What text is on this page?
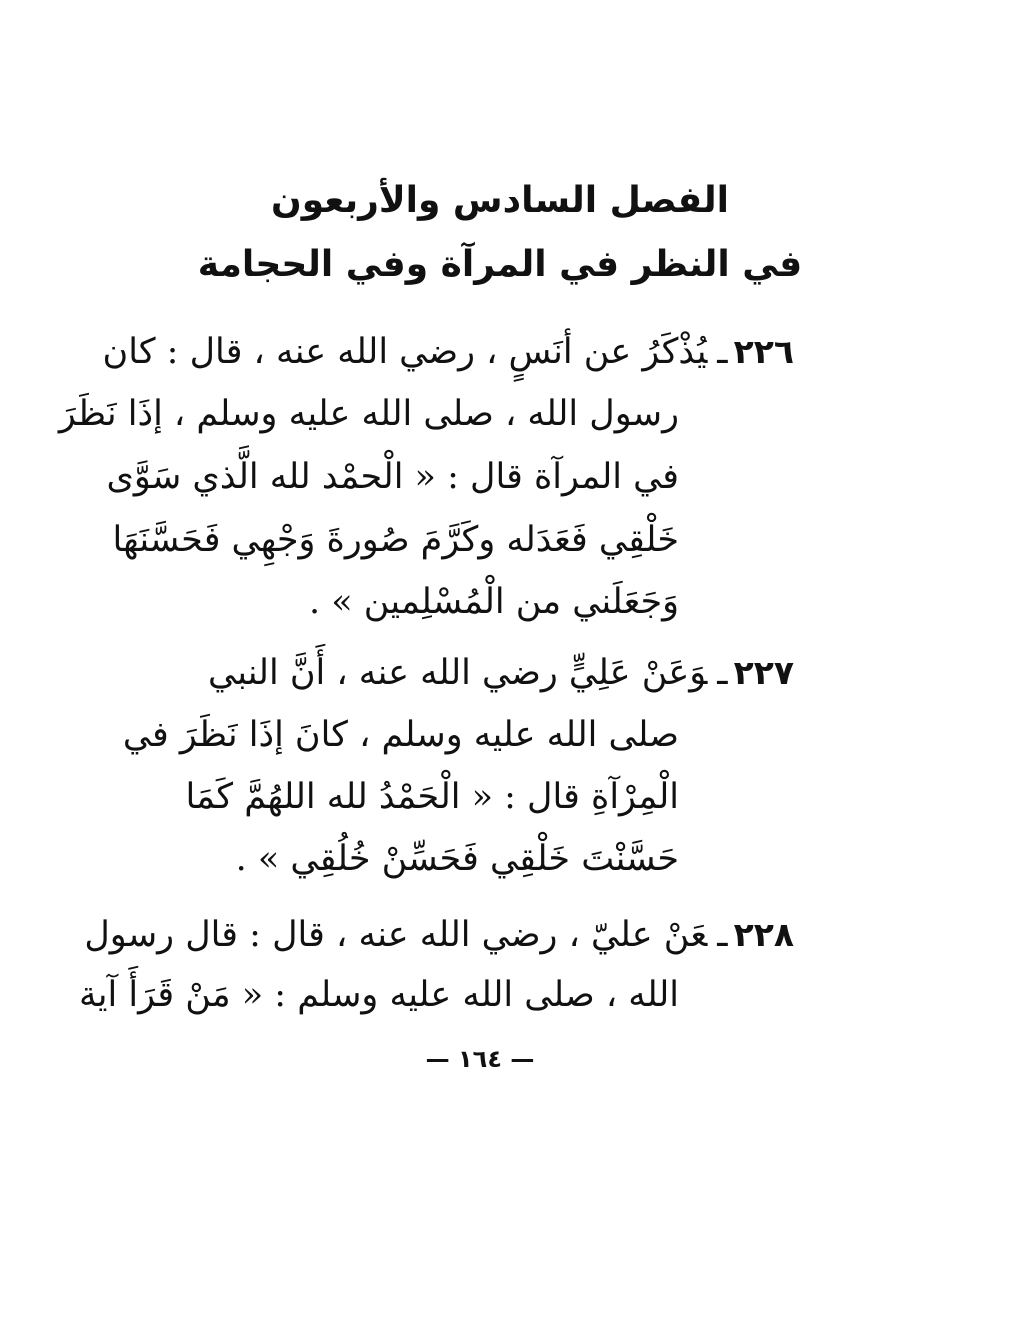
الفصل السادس والأربعون
في النظر في المرآة وفي الحجامة
٢٢٦ـيُذْكَرُ عن أنَسٍ ، رضي الله عنه ، قال : كان
رسول الله ، صلى الله عليه وسلم ، إذَا نَظَرَ
في المرآة قال : « الْحمْد لله الَّذي سَوَّى
خَلْقِي فَعَدَله وكَرَّمَ صُورةَ وَجْهِي فَحَسَّنَهَا
وَجَعَلَني من الْمُسْلِمين » .
٢٢٧ـوَعَنْ عَلِيٍّ رضي الله عنه ، أَنَّ النبي
صلى الله عليه وسلم ، كانَ إذَا نَظَرَ في
الْمِرْآةِ قال : « الْحَمْدُ لله اللهُمَّ كَمَا
حَسَّنْتَ خَلْقِي فَحَسِّنْ خُلُقِي » .
٢٢٨ـعَنْ عليّ ، رضي الله عنه ، قال : قال رسول
الله ، صلى الله عليه وسلم : « مَنْ قَرَأَ آية
— ١٦٤ —
